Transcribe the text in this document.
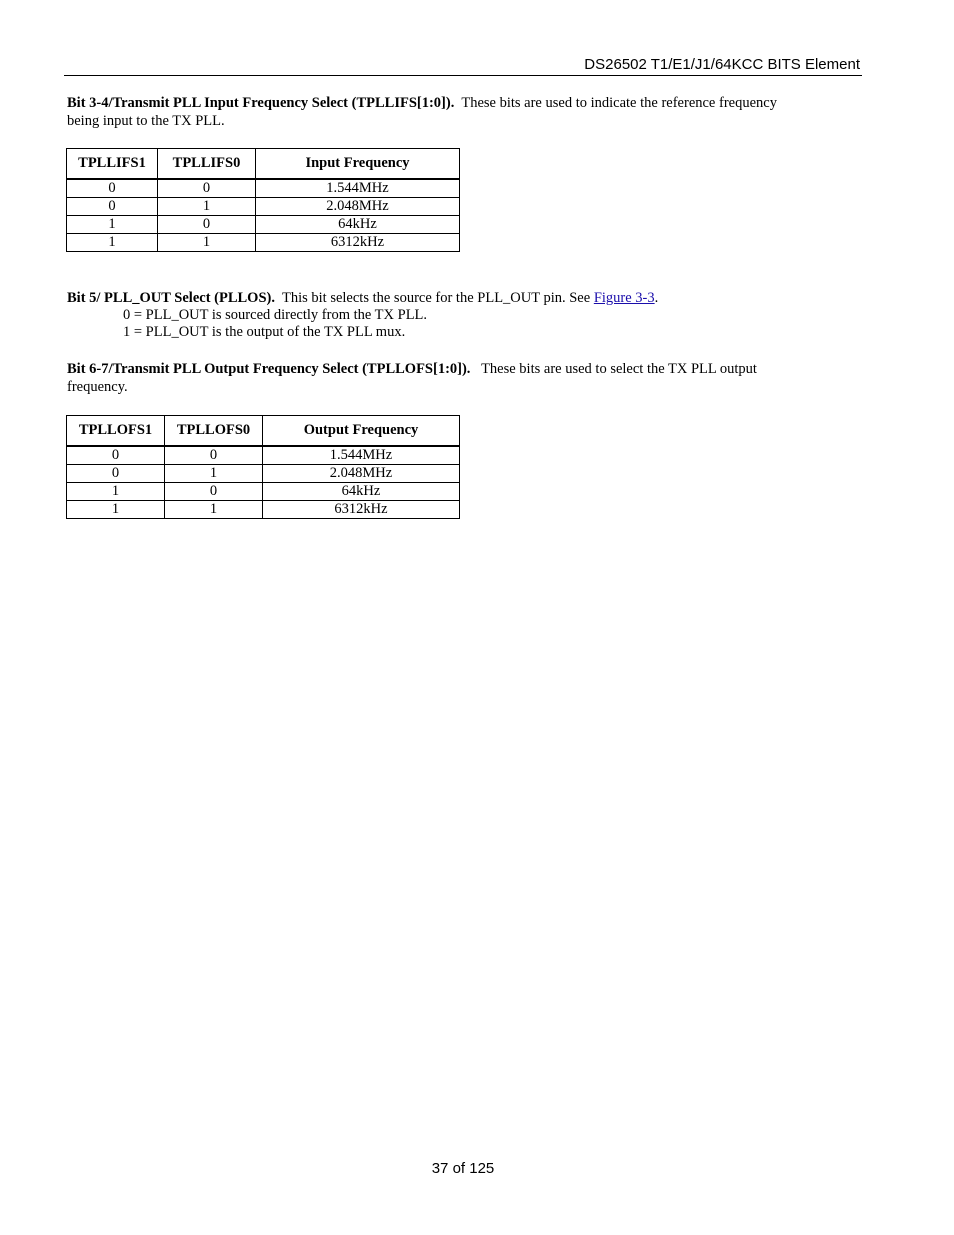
DS26502 T1/E1/J1/64KCC BITS Element
Bit 3-4/Transmit PLL Input Frequency Select (TPLLIFS[1:0]). These bits are used to indicate the reference frequency
being input to the TX PLL.
TPLLIFS1	TPLLIFS0	Input Frequency
0	0	1.544MHz
0	1	2.048MHz
1	0	64kHz
1	1	6312kHz
Bit 5/ PLL_OUT Select (PLLOS). This bit selects the source for the PLL_OUT pin. See Figure 3-3.
0 = PLL_OUT is sourced directly from the TX PLL.
1 = PLL_OUT is the output of the TX PLL mux.
Bit 6-7/Transmit PLL Output Frequency Select (TPLLOFS[1:0]). These bits are used to select the TX PLL output
frequency.
TPLLOFS1	TPLLOFS0	Output Frequency
0	0	1.544MHz
0	1	2.048MHz
1	0	64kHz
1	1	6312kHz
37 of 125
